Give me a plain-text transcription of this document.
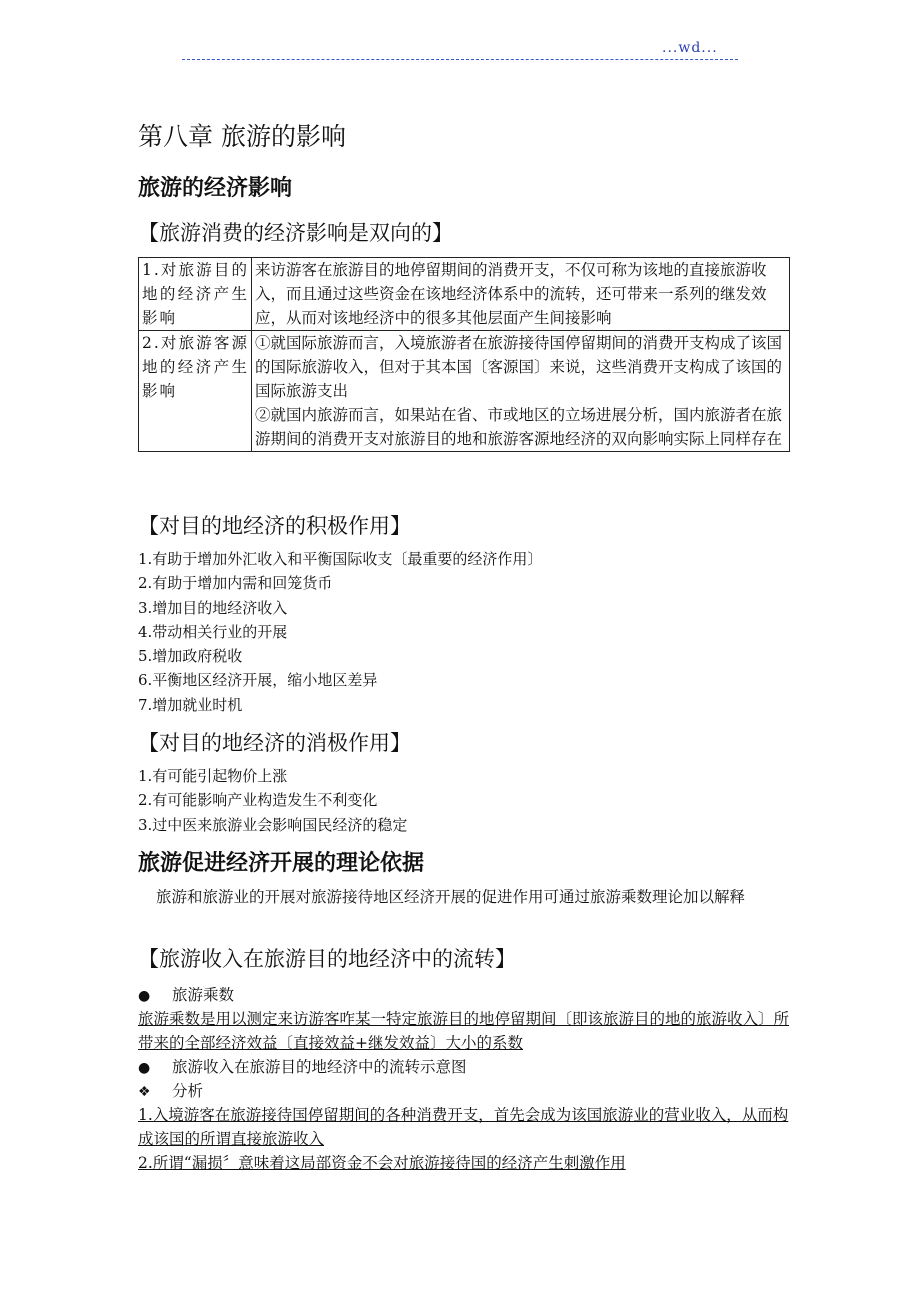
...wd...
第八章 旅游的影响
旅游的经济影响
【旅游消费的经济影响是双向的】
1.对旅游目的地的经济产生影响	来访游客在旅游目的地停留期间的消费开支，不仅可称为该地的直接旅游收入，而且通过这些资金在该地经济体系中的流转，还可带来一系列的继发效应，从而对该地经济中的很多其他层面产生间接影响
2.对旅游客源地的经济产生影响	①就国际旅游而言，入境旅游者在旅游接待国停留期间的消费开支构成了该国的国际旅游收入，但对于其本国〔客源国〕来说，这些消费开支构成了该国的国际旅游支出
②就国内旅游而言，如果站在省、市或地区的立场进展分析，国内旅游者在旅游期间的消费开支对旅游目的地和旅游客源地经济的双向影响实际上同样存在
【对目的地经济的积极作用】
1.有助于增加外汇收入和平衡国际收支〔最重要的经济作用〕
2.有助于增加内需和回笼货币
3.增加目的地经济收入
4.带动相关行业的开展
5.增加政府税收
6.平衡地区经济开展，缩小地区差异
7.增加就业时机
【对目的地经济的消极作用】
1.有可能引起物价上涨
2.有可能影响产业构造发生不利变化
3.过中医来旅游业会影响国民经济的稳定
旅游促进经济开展的理论依据

旅游和旅游业的开展对旅游接待地区经济开展的促进作用可通过旅游乘数理论加以解释

【旅游收入在旅游目的地经济中的流转】
● 旅游乘数

旅游乘数是用以测定来访游客咋某一特定旅游目的地停留期间〔即该旅游目的地的旅游收入〕所带来的全部经济效益〔直接效益+继发效益〕大小的系数

● 旅游收入在旅游目的地经济中的流转示意图
❖ 分析

1.入境游客在旅游接待国停留期间的各种消费开支，首先会成为该国旅游业的营业收入，从而构成该国的所谓直接旅游收入

2.所谓“漏损〞意味着这局部资金不会对旅游接待国的经济产生刺激作用
